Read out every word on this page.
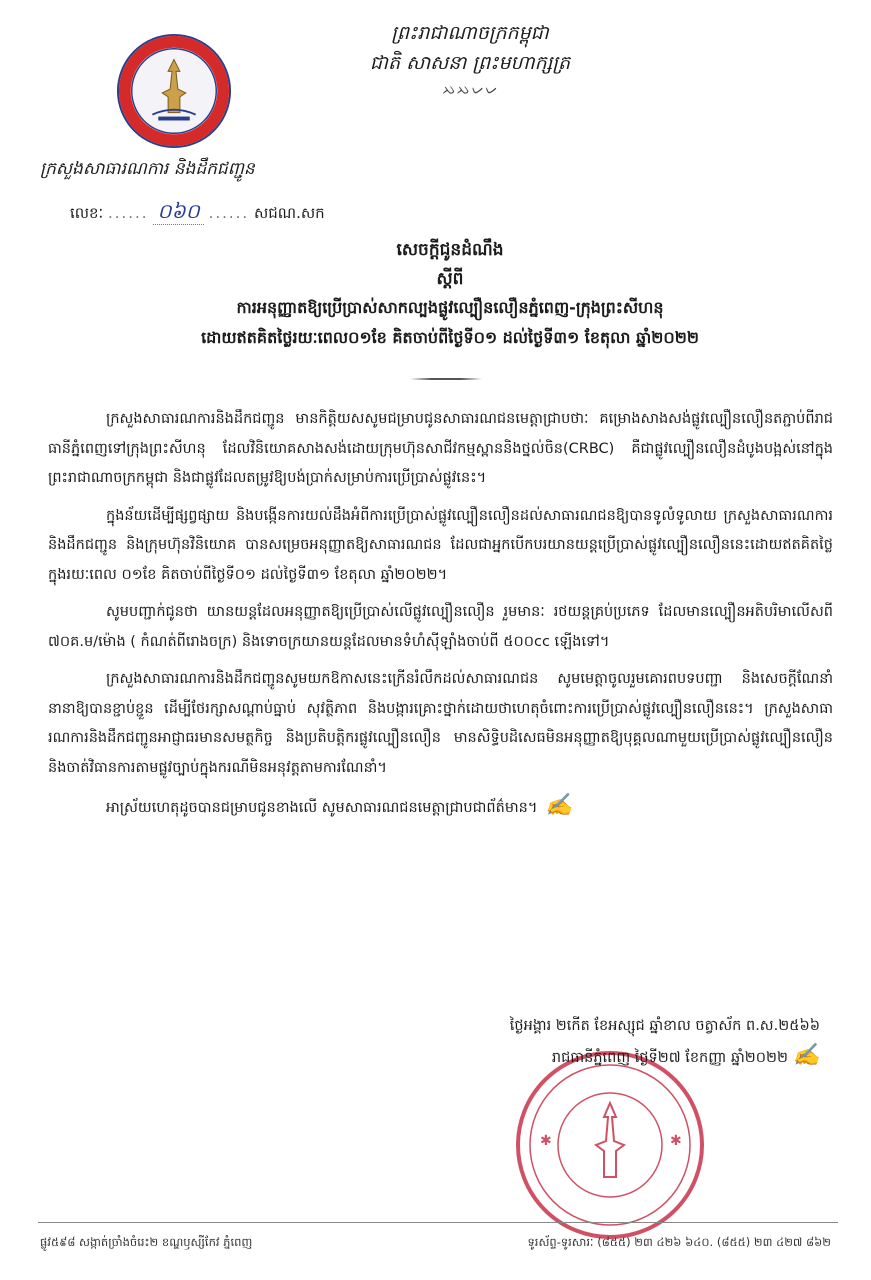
ព្រះរាជាណាចក្រកម្ពុជា
ជាតិ សាសនា ព្រះមហាក្សត្រ
ᨇᨇᨆᨆ
ក្រសួងសាធារណការ និងដឹកជញ្ជូន
លេខៈ ...... ០៦០ ...... សជណ.សក
សេចក្តីជូនដំណឹង
ស្តីពី
ការអនុញ្ញាតឱ្យប្រើប្រាស់សាកល្បងផ្លូវល្បឿនលឿនភ្នំពេញ-ក្រុងព្រះសីហនុ
ដោយឥតគិតថ្លៃរយៈពេល០១ខែ គិតចាប់ពីថ្ងៃទី០១ ដល់ថ្ងៃទី៣១ ខែតុលា ឆ្នាំ២០២២

ក្រសួងសាធារណការនិងដឹកជញ្ជូន មានកិត្តិយសសូមជម្រាបជូនសាធារណជនមេត្តាជ្រាបថាៈ គម្រោងសាងសង់ផ្លូវល្បឿនលឿនតភ្ជាប់ពីរាជធានីភ្នំពេញទៅក្រុងព្រះសីហនុ ដែលវិនិយោគសាងសង់ដោយក្រុមហ៊ុនសាជីវកម្មស្ពាននិងថ្នល់ចិន(CRBC) គឺជាផ្លូវល្បឿនលឿនដំបូងបង្អស់នៅក្នុងព្រះរាជាណាចក្រកម្ពុជា និងជាផ្លូវដែលតម្រូវឱ្យបង់ប្រាក់សម្រាប់ការប្រើប្រាស់ផ្លូវនេះ។

ក្នុងន័យដើម្បីផ្សព្វផ្សាយ និងបង្កើនការយល់ដឹងអំពីការប្រើប្រាស់ផ្លូវល្បឿនលឿនដល់សាធារណជនឱ្យបានទូលំទូលាយ ក្រសួងសាធារណការនិងដឹកជញ្ជូន និងក្រុមហ៊ុនវិនិយោគ បានសម្រេចអនុញ្ញាតឱ្យសាធារណជន ដែលជាអ្នកបើកបរយានយន្តប្រើប្រាស់ផ្លូវល្បឿនលឿននេះដោយឥតគិតថ្លៃក្នុងរយៈពេល ០១ខែ គិតចាប់ពីថ្ងៃទី០១ ដល់ថ្ងៃទី៣១ ខែតុលា ឆ្នាំ២០២២។

សូមបញ្ជាក់ជូនថា យានយន្តដែលអនុញ្ញាតឱ្យប្រើប្រាស់លើផ្លូវល្បឿនលឿន រួមមានៈ រថយន្តគ្រប់ប្រភេទ ដែលមានល្បឿនអតិបរិមាលើសពី ៧០គ.ម/ម៉ោង ( កំណត់ពីរោងចក្រ) និងទោចក្រយានយន្តដែលមានទំហំស៊ីឡាំងចាប់ពី ៥០០cc ឡើងទៅ។

ក្រសួងសាធារណការនិងដឹកជញ្ជូនសូមយកឱកាសនេះក្រើនរំលឹកដល់សាធារណជន សូមមេត្តាចូលរួមគោរពបទបញ្ជា និងសេចក្តីណែនាំនានាឱ្យបានខ្ជាប់ខ្ជួន ដើម្បីថែរក្សាសណ្តាប់ធ្នាប់ សុវត្ថិភាព និងបង្ការគ្រោះថ្នាក់ដោយថាហេតុចំពោះការប្រើប្រាស់ផ្លូវល្បឿនលឿននេះ។ ក្រសួងសាធារណការនិងដឹកជញ្ជូនអាជ្ញាធរមានសមត្ថកិច្ច និងប្រតិបត្តិករផ្លូវល្បឿនលឿន មានសិទ្ធិបដិសេធមិនអនុញ្ញាតឱ្យបុគ្គលណាមួយប្រើប្រាស់ផ្លូវល្បឿនលឿន និងចាត់វិធានការតាមផ្លូវច្បាប់ក្នុងករណីមិនអនុវត្តតាមការណែនាំ។

អាស្រ័យហេតុដូចបានជម្រាបជូនខាងលើ សូមសាធារណជនមេត្តាជ្រាបជាព័ត៌មាន។ ✍

✱	✱
ថ្ងៃអង្គារ ២កើត ខែអស្សុជ ឆ្នាំខាល ចត្វាស័ក ព.ស.២៥៦៦
រាជធានីភ្នំពេញ ថ្ងៃទី២៧ ខែកញ្ញា ឆ្នាំ២០២២ ✍
ផ្លូវ៥៩៨ សង្កាត់ច្រាំងចំរេះ២ ខណ្ឌឫស្សីកែវ ភ្នំពេញ	ទូរស័ព្ទ-ទូរសារៈ (៨៥៥) ២៣ ៤២៦ ៦៤០. (៨៥៥) ២៣ ៤២៧ ៨៦២
